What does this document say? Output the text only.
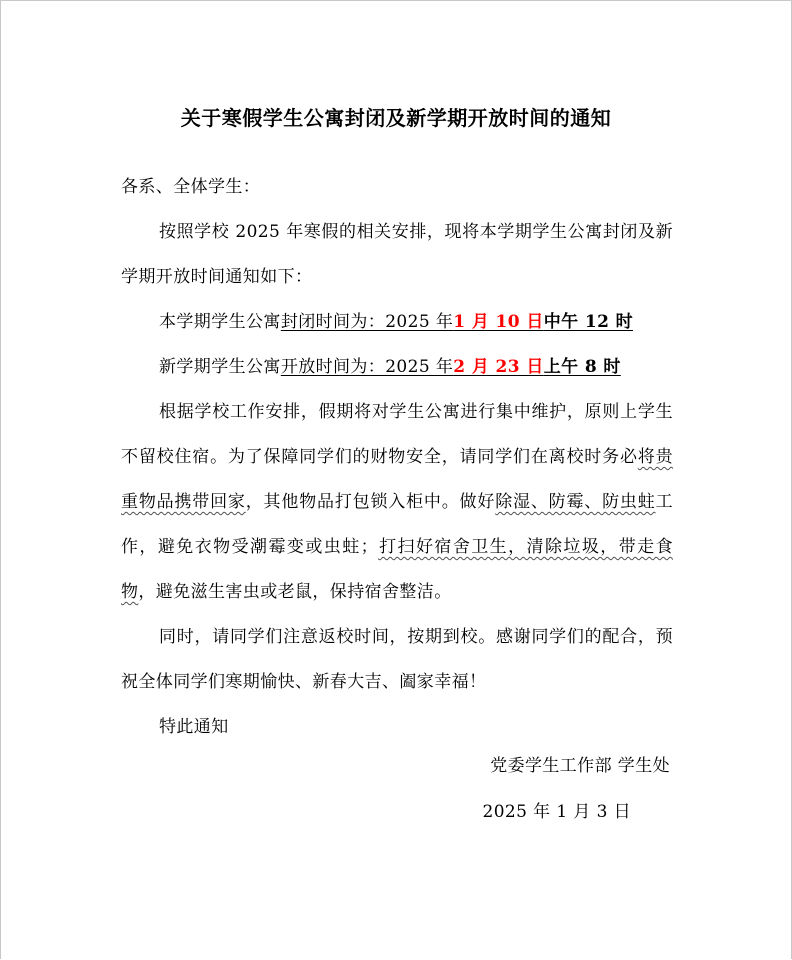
关于寒假学生公寓封闭及新学期开放时间的通知

各系、全体学生：

按照学校 2025 年寒假的相关安排，现将本学期学生公寓封闭及新学期开放时间通知如下：

本学期学生公寓封闭时间为：2025 年1 月 10 日中午 12 时
新学期学生公寓开放时间为：2025 年2 月 23 日上午 8 时

根据学校工作安排，假期将对学生公寓进行集中维护，原则上学生不留校住宿。为了保障同学们的财物安全，请同学们在离校时务必将贵重物品携带回家，其他物品打包锁入柜中。做好除湿、防霉、防虫蛀工作，避免衣物受潮霉变或虫蛀；打扫好宿舍卫生，清除垃圾，带走食物，避免滋生害虫或老鼠，保持宿舍整洁。

同时，请同学们注意返校时间，按期到校。感谢同学们的配合，预祝全体同学们寒期愉快、新春大吉、阖家幸福！

特此通知

党委学生工作部 学生处
2025 年 1 月 3 日
